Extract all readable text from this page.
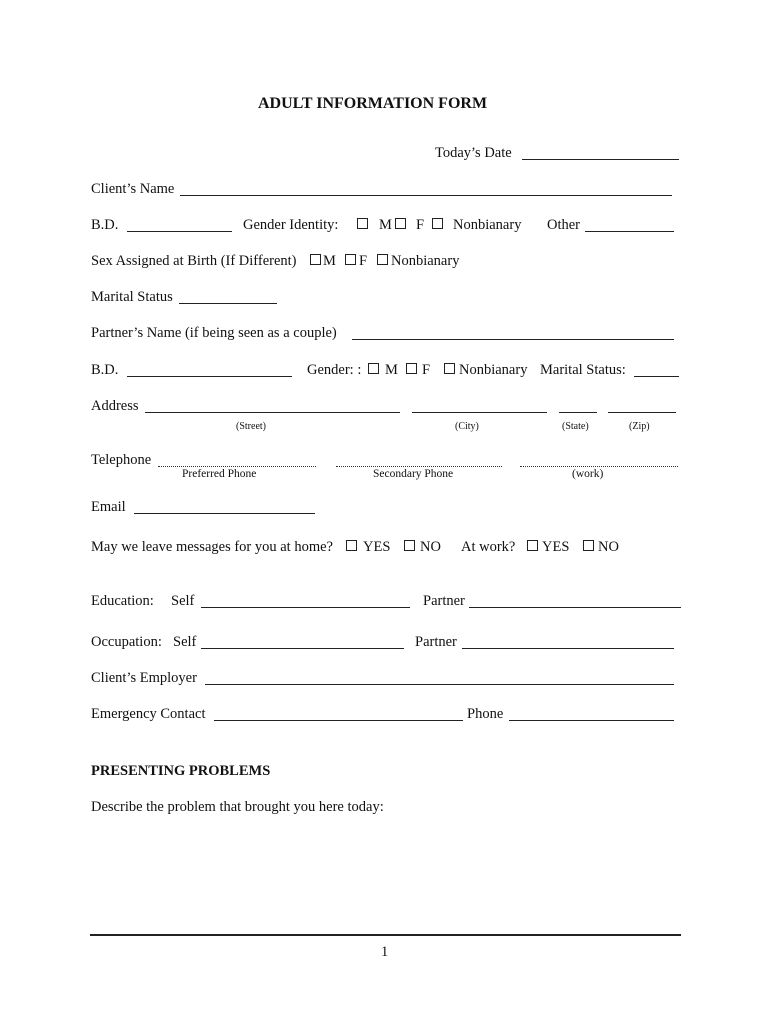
ADULT INFORMATION FORM
Today’s Date
Client’s Name
B.D.	Gender Identity:	M F Nonbianary Other
Sex Assigned at Birth (If Different) M F Nonbianary
Marital Status
Partner’s Name (if being seen as a couple)
B.D.	Gender: : M F Nonbianary Marital Status:
Address
(Street)	(City)	(State)	(Zip)
Telephone
Preferred Phone	Secondary Phone	(work)
Email
May we leave messages for you at home? YES NO At work? YES NO
Education: Self	Partner
Occupation: Self	Partner
Client’s Employer
Emergency Contact	Phone
PRESENTING PROBLEMS
Describe the problem that brought you here today:
1
